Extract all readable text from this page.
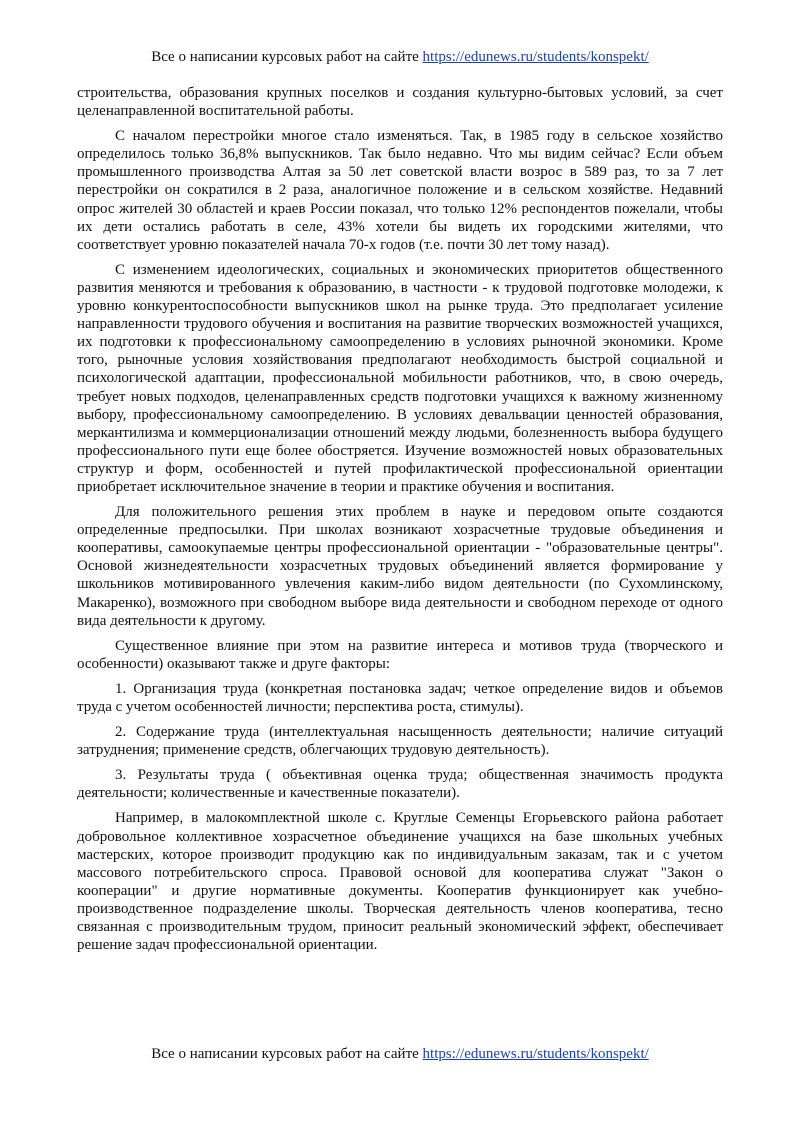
Все о написании курсовых работ на сайте https://edunews.ru/students/konspekt/

строительства, образования крупных поселков и создания культурно-бытовых условий, за счет целенаправленной воспитательной работы.

С началом перестройки многое стало изменяться. Так, в 1985 году в сельское хозяйство определилось только 36,8% выпускников. Так было недавно. Что мы видим сейчас? Если объем промышленного производства Алтая за 50 лет советской власти возрос в 589 раз, то за 7 лет перестройки он сократился в 2 раза, аналогичное положение и в сельском хозяйстве. Недавний опрос жителей 30 областей и краев России показал, что только 12% респондентов пожелали, чтобы их дети остались работать в селе, 43% хотели бы видеть их городскими жителями, что соответствует уровню показателей начала 70-х годов (т.е. почти 30 лет тому назад).

С изменением идеологических, социальных и экономических приоритетов общественного развития меняются и требования к образованию, в частности - к трудовой подготовке молодежи, к уровню конкурентоспособности выпускников школ на рынке труда. Это предполагает усиление направленности трудового обучения и воспитания на развитие творческих возможностей учащихся, их подготовки к профессиональному самоопределению в условиях рыночной экономики. Кроме того, рыночные условия хозяйствования предполагают необходимость быстрой социальной и психологической адаптации, профессиональной мобильности работников, что, в свою очередь, требует новых подходов, целенаправленных средств подготовки учащихся к важному жизненному выбору, профессиональному самоопределению. В условиях девальвации ценностей образования, меркантилизма и коммерционализации отношений между людьми, болезненность выбора будущего профессионального пути еще более обостряется. Изучение возможностей новых образовательных структур и форм, особенностей и путей профилактической профессиональной ориентации приобретает исключительное значение в теории и практике обучения и воспитания.

Для положительного решения этих проблем в науке и передовом опыте создаются определенные предпосылки. При школах возникают хозрасчетные трудовые объединения и кооперативы, самоокупаемые центры профессиональной ориентации - "образовательные центры". Основой жизнедеятельности хозрасчетных трудовых объединений является формирование у школьников мотивированного увлечения каким-либо видом деятельности (по Сухомлинскому, Макаренко), возможного при свободном выборе вида деятельности и свободном переходе от одного вида деятельности к другому.

Существенное влияние при этом на развитие интереса и мотивов труда (творческого и особенности) оказывают также и друге факторы:

1. Организация труда (конкретная постановка задач; четкое определение видов и объемов труда с учетом особенностей личности; перспектива роста, стимулы).

2. Содержание труда (интеллектуальная насыщенность деятельности; наличие ситуаций затруднения; применение средств, облегчающих трудовую деятельность).

3. Результаты труда ( объективная оценка труда; общественная значимость продукта деятельности; количественные и качественные показатели).

Например, в малокомплектной школе с. Круглые Семенцы Егорьевского района работает добровольное коллективное хозрасчетное объединение учащихся на базе школьных учебных мастерских, которое производит продукцию как по индивидуальным заказам, так и с учетом массового потребительского спроса. Правовой основой для кооператива служат "Закон о кооперации" и другие нормативные документы. Кооператив функционирует как учебно-производственное подразделение школы. Творческая деятельность членов кооператива, тесно связанная с производительным трудом, приносит реальный экономический эффект, обеспечивает решение задач профессиональной ориентации.

Все о написании курсовых работ на сайте https://edunews.ru/students/konspekt/
